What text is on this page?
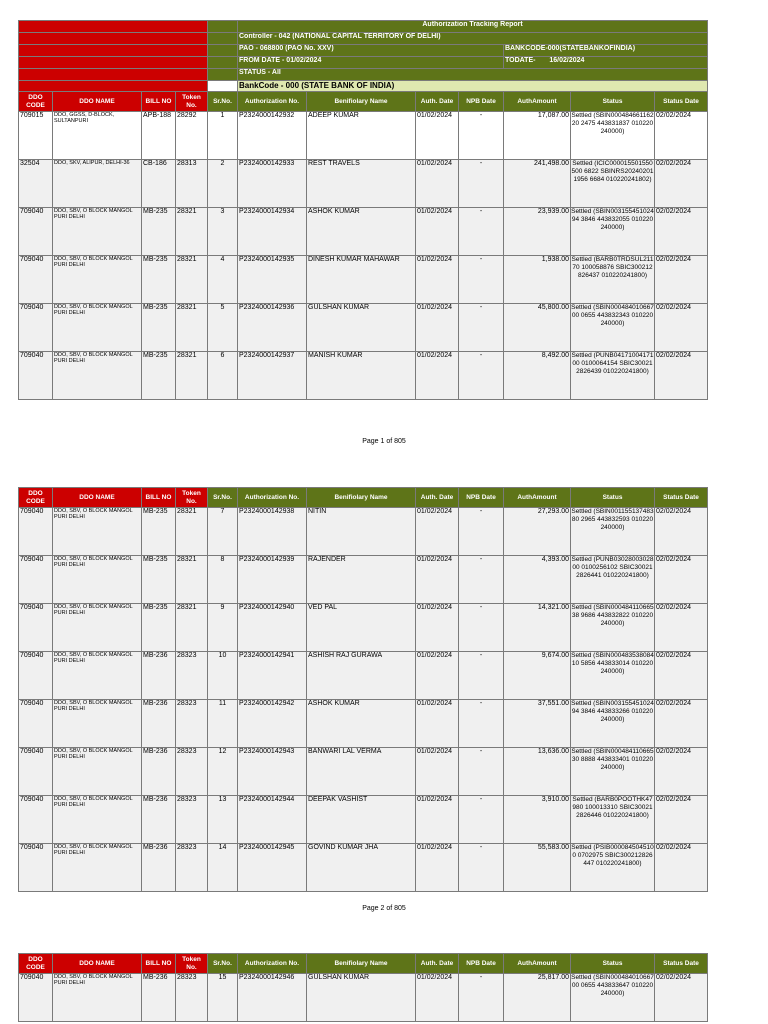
					Authorization Tracking Report						
					Controller - 042 (NATIONAL CAPITAL TERRITORY OF DELHI)						
					PAO - 068800 (PAO No. XXV)				BANKCODE-000(STATEBANKOFINDIA)		
					FROM DATE - 01/02/2024				TODATE- 16/02/2024		
					STATUS - All						
					BankCode - 000 (STATE BANK OF INDIA)						
DDO CODE	DDO NAME	BILL NO	Token No.	Sr.No.	Authorization No.	Benifiolary Name	Auth. Date	NPB Date	AuthAmount	Status	Status Date
709015	DDO, GGSS, D-BLOCK, SULTANPURI	APB-188	28292	1	P2324000142932	ADEEP KUMAR	01/02/2024	-	17,087.00	Settled (SBIN00048466116220 2475 443831837 010220240000)	02/02/2024
32504	DDO, SKV, ALIPUR, DELHI-36	CB-186	28313	2	P2324000142933	REST TRAVELS	01/02/2024	-	241,498.00	Settled (ICIC000015501550500 6822 SBINRS202402011956 6684 010220241802)	02/02/2024
709040	DDO, SBV, O BLOCK MANGOL PURI DELHI	MB-235	28321	3	P2324000142934	ASHOK KUMAR	01/02/2024	-	23,939.00	Settled (SBIN00315545102494 3846 443832055 010220240000)	02/02/2024
709040	DDO, SBV, O BLOCK MANGOL PURI DELHI	MB-235	28321	4	P2324000142935	DINESH KUMAR MAHAWAR	01/02/2024	-	1,938.00	Settled (BARB0TRDSUL21170 100058876 SBIC300212826437 010220241800)	02/02/2024
709040	DDO, SBV, O BLOCK MANGOL PURI DELHI	MB-235	28321	5	P2324000142936	GULSHAN KUMAR	01/02/2024	-	45,800.00	Settled (SBIN00048401066700 0655 443832343 010220240000)	02/02/2024
709040	DDO, SBV, O BLOCK MANGOL PURI DELHI	MB-235	28321	6	P2324000142937	MANISH KUMAR	01/02/2024	-	8,492.00	Settled (PUNB0417100417100 0100064154 SBIC300212826439 010220241800)	02/02/2024
Page 1 of 805
DDO CODE	DDO NAME	BILL NO	Token No.	Sr.No.	Authorization No.	Benifiolary Name	Auth. Date	NPB Date	AuthAmount	Status	Status Date
709040	DDO, SBV, O BLOCK MANGOL PURI DELHI	MB-235	28321	7	P2324000142938	NITIN	01/02/2024	-	27,293.00	Settled (SBIN00115513748380 2965 443832593 010220240000)	02/02/2024
709040	DDO, SBV, O BLOCK MANGOL PURI DELHI	MB-235	28321	8	P2324000142939	RAJENDER	01/02/2024	-	4,393.00	Settled (PUNB0302800302800 0100256102 SBIC300212826441 010220241800)	02/02/2024
709040	DDO, SBV, O BLOCK MANGOL PURI DELHI	MB-235	28321	9	P2324000142940	VED PAL	01/02/2024	-	14,321.00	Settled (SBIN00048411066538 9686 443832822 010220240000)	02/02/2024
709040	DDO, SBV, O BLOCK MANGOL PURI DELHI	MB-236	28323	10	P2324000142941	ASHISH RAJ GURAWA	01/02/2024	-	9,674.00	Settled (SBIN00048353808410 5856 443833014 010220240000)	02/02/2024
709040	DDO, SBV, O BLOCK MANGOL PURI DELHI	MB-236	28323	11	P2324000142942	ASHOK KUMAR	01/02/2024	-	37,551.00	Settled (SBIN00315545102494 3846 443833266 010220240000)	02/02/2024
709040	DDO, SBV, O BLOCK MANGOL PURI DELHI	MB-236	28323	12	P2324000142943	BANWARI LAL VERMA	01/02/2024	-	13,636.00	Settled (SBIN00048411066530 8888 443833401 010220240000)	02/02/2024
709040	DDO, SBV, O BLOCK MANGOL PURI DELHI	MB-236	28323	13	P2324000142944	DEEPAK VASHIST	01/02/2024	-	3,910.00	Settled (BARB0POOTHK47980 100013310 SBIC300212826446 010220241800)	02/02/2024
709040	DDO, SBV, O BLOCK MANGOL PURI DELHI	MB-236	28323	14	P2324000142945	GOVIND KUMAR JHA	01/02/2024	-	55,583.00	Settled (PSIB0000845045100 0702975 SBIC300212826447 010220241800)	02/02/2024
Page 2 of 805
DDO CODE	DDO NAME	BILL NO	Token No.	Sr.No.	Authorization No.	Benifiolary Name	Auth. Date	NPB Date	AuthAmount	Status	Status Date
709040	DDO, SBV, O BLOCK MANGOL PURI DELHI	MB-236	28323	15	P2324000142946	GULSHAN KUMAR	01/02/2024	-	25,817.00	Settled (SBIN00048401066700 0655 443833647 010220240000)	02/02/2024
